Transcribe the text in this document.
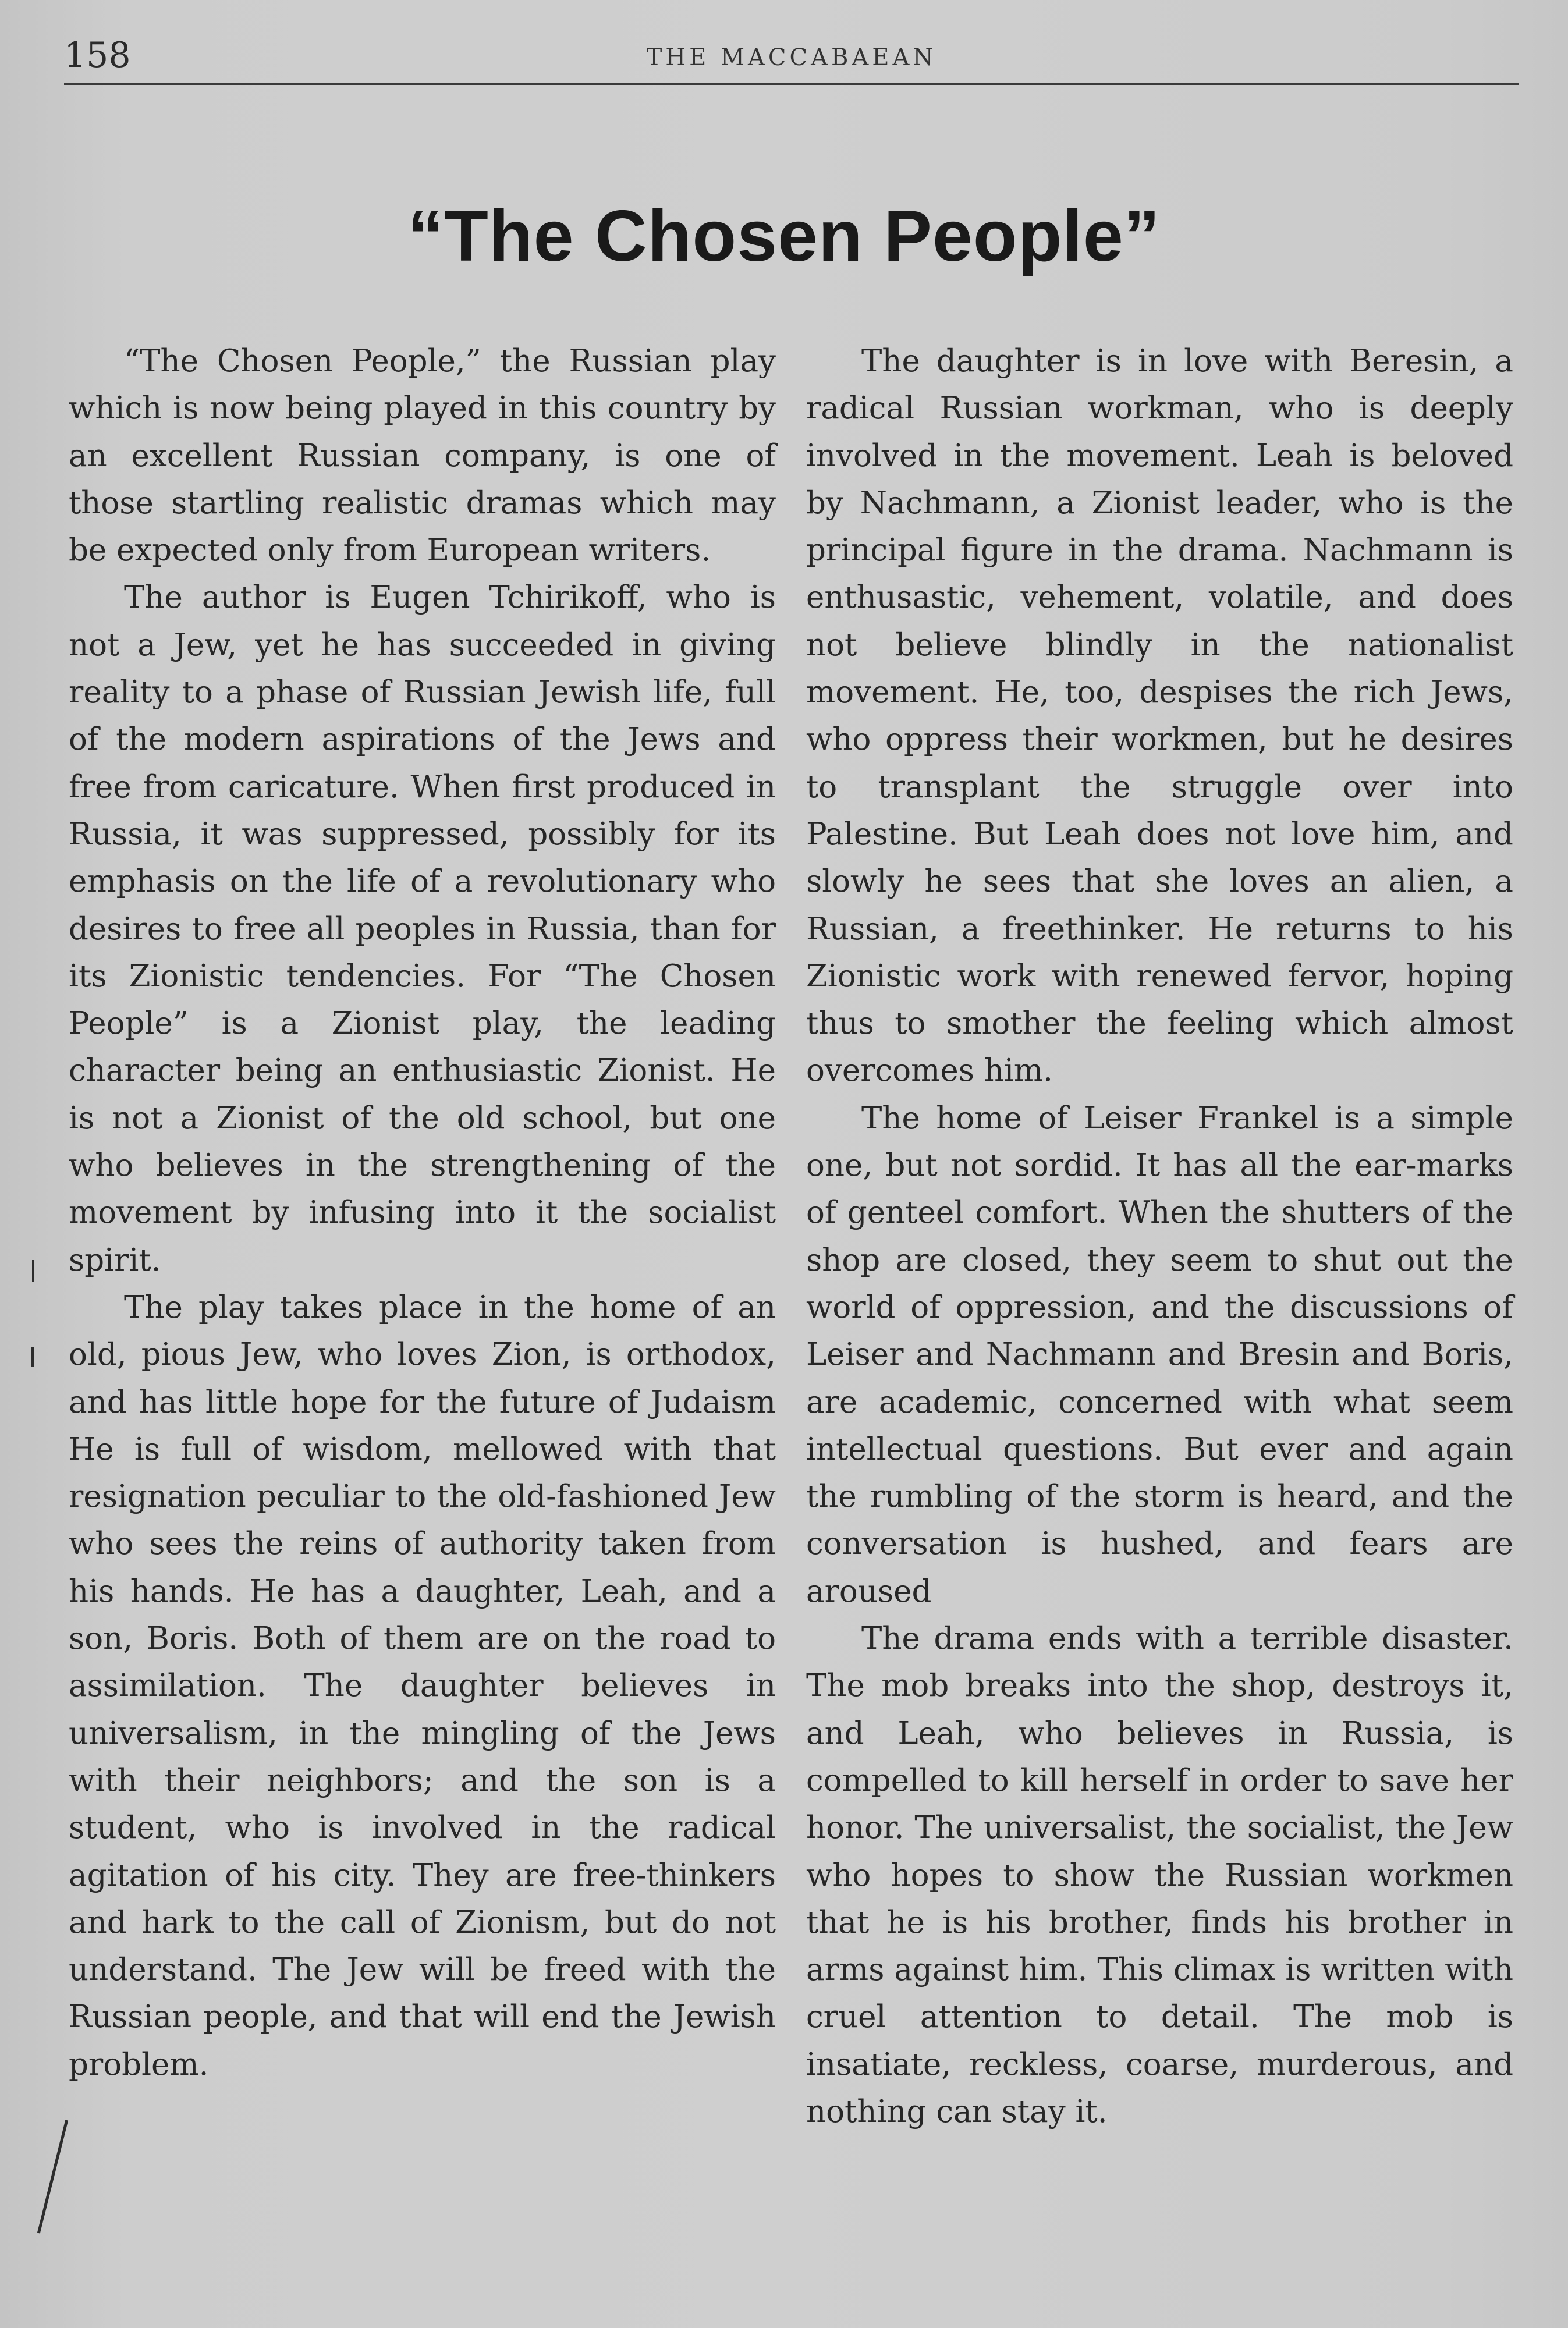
158	THE MACCABAEAN
“The Chosen People”

“The Chosen People,” the Russian play which is now being played in this country by an excellent Russian company, is one of those startling realistic dramas which may be expected only from European writers.

The author is Eugen Tchirikoff, who is not a Jew, yet he has succeeded in giving reality to a phase of Russian Jewish life, full of the modern aspirations of the Jews and free from caricature. When first produced in Russia, it was suppressed, possibly for its emphasis on the life of a revolutionary who desires to free all peoples in Russia, than for its Zionistic tendencies. For “The Chosen People” is a Zionist play, the leading character being an enthusiastic Zionist. He is not a Zionist of the old school, but one who believes in the strengthening of the movement by infusing into it the socialist spirit.

The play takes place in the home of an old, pious Jew, who loves Zion, is orthodox, and has little hope for the future of Judaism He is full of wisdom, mellowed with that resignation peculiar to the old-fashioned Jew who sees the reins of authority taken from his hands. He has a daughter, Leah, and a son, Boris. Both of them are on the road to assimilation. The daughter believes in universalism, in the mingling of the Jews with their neighbors; and the son is a student, who is involved in the radical agitation of his city. They are free-thinkers and hark to the call of Zionism, but do not understand. The Jew will be freed with the Russian people, and that will end the Jewish problem.

The daughter is in love with Beresin, a radical Russian workman, who is deeply involved in the movement. Leah is beloved by Nachmann, a Zionist leader, who is the principal figure in the drama. Nachmann is enthusastic, vehement, volatile, and does not believe blindly in the nationalist movement. He, too, despises the rich Jews, who oppress their workmen, but he desires to transplant the struggle over into Palestine. But Leah does not love him, and slowly he sees that she loves an alien, a Russian, a freethinker. He returns to his Zionistic work with renewed fervor, hoping thus to smother the feeling which almost overcomes him.

The home of Leiser Frankel is a simple one, but not sordid. It has all the ear-marks of genteel comfort. When the shutters of the shop are closed, they seem to shut out the world of oppression, and the discussions of Leiser and Nachmann and Bresin and Boris, are academic, concerned with what seem intellectual questions. But ever and again the rumbling of the storm is heard, and the conversation is hushed, and fears are aroused

The drama ends with a terrible disaster. The mob breaks into the shop, destroys it, and Leah, who believes in Russia, is compelled to kill herself in order to save her honor. The universalist, the socialist, the Jew who hopes to show the Russian workmen that he is his brother, finds his brother in arms against him. This climax is written with cruel attention to detail. The mob is insatiate, reckless, coarse, murderous, and nothing can stay it.
